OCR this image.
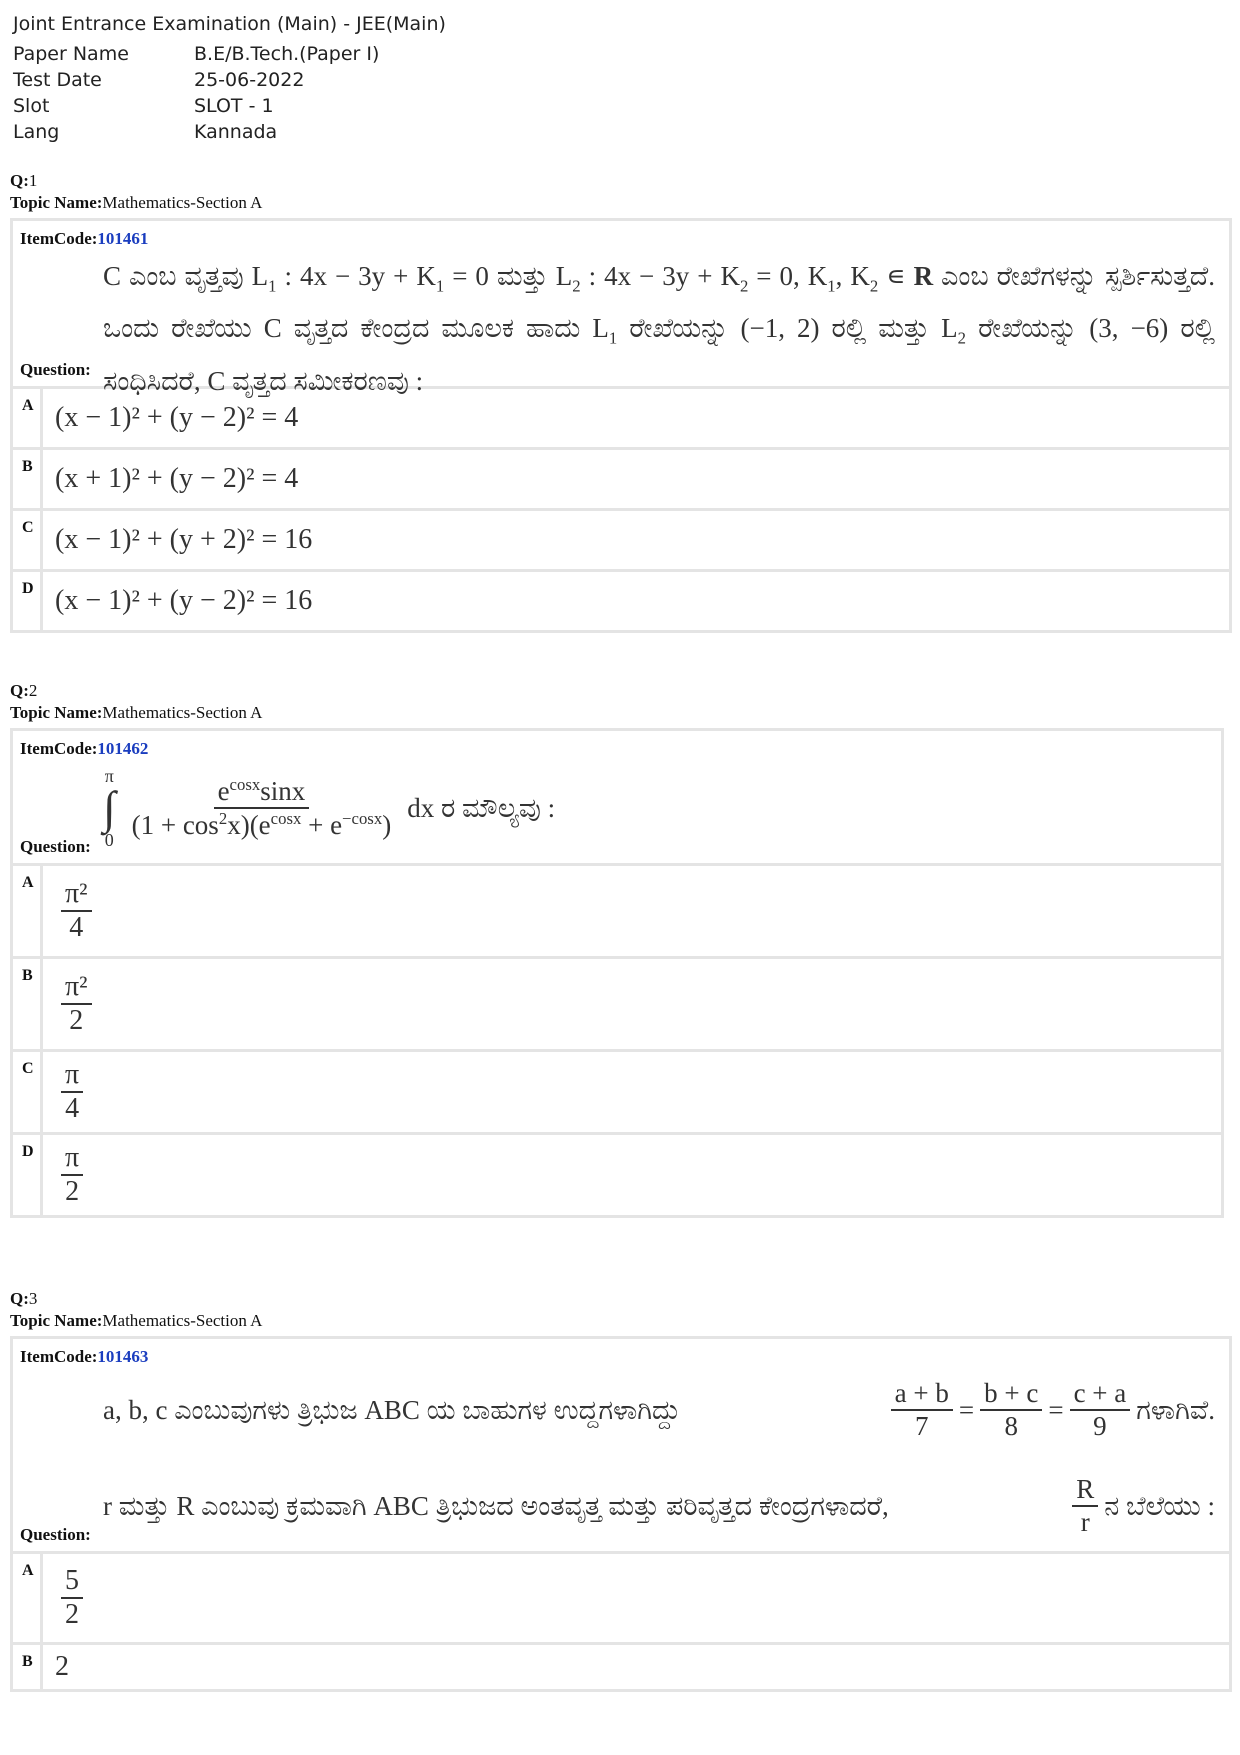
Joint Entrance Examination (Main) - JEE(Main)
Paper Name	B.E/B.Tech.(Paper I)
Test Date	25-06-2022
Slot	SLOT - 1
Lang	Kannada
Q:1
Topic Name:Mathematics-Section A
ItemCode:101461
C ಎಂಬ ವೃತ್ತವು $L_1$ : $4x - 3y + K_1 = 0$ ಮತ್ತು $L_2$ : $4x - 3y + K_2 = 0$, $K_1$, $K_2$ ∊ R ಎಂಬ ರೇಖೆಗಳನ್ನು ಸ್ಪರ್ಶಿಸುತ್ತದೆ. ಒಂದು ರೇಖೆಯು C ವೃತ್ತದ ಕೇಂದ್ರದ ಮೂಲಕ ಹಾದು $L_1$ ರೇಖೆಯನ್ನು (−1, 2) ರಲ್ಲಿ ಮತ್ತು $L_2$ ರೇಖೆಯನ್ನು (3, −6) ರಲ್ಲಿ ಸಂಧಿಸಿದರೆ, C ವೃತ್ತದ ಸಮೀಕರಣವು :
Question:
A (x − 1)² + (y − 2)² = 4
B (x + 1)² + (y − 2)² = 4
C (x − 1)² + (y + 2)² = 16
D (x − 1)² + (y − 2)² = 16
Q:2
Topic Name:Mathematics-Section A
ItemCode:101462
π
∫
$0 \frac{e^{cosx}\sin x}{(1 + \cos^2x)(e^{cosx} + e^{-cosx})}$ dx ರ ಮೌಲ್ಯವು :
Question:
A $\frac{\text{π²}}{4}$
B	$\frac{\text{π²}}{2}$
C $\frac{\pi}{4}$
D $\frac{\pi}{2}$
Q:3
Topic Name:Mathematics-Section A
ItemCode:101463
a, b, c ಎಂಬುವುಗಳು ತ್ರಿಭುಜ ABC ಯ ಬಾಹುಗಳ ಉದ್ದಗಳಾಗಿದ್ದು	$\frac{a + b}{7} = \frac{b + c}{8} = \frac{c + a}{9}$ ಗಳಾಗಿವೆ.
r ಮತ್ತು R ಎಂಬುವು ಕ್ರಮವಾಗಿ ABC ತ್ರಿಭುಜದ ಅಂತವೃತ್ತ ಮತ್ತು ಪರಿವೃತ್ತದ ಕೇಂದ್ರಗಳಾದರೆ,	$\frac{R}{r}$ ನ ಬೆಲೆಯು :
Question:
A $\frac{5}{2}$
B 2
